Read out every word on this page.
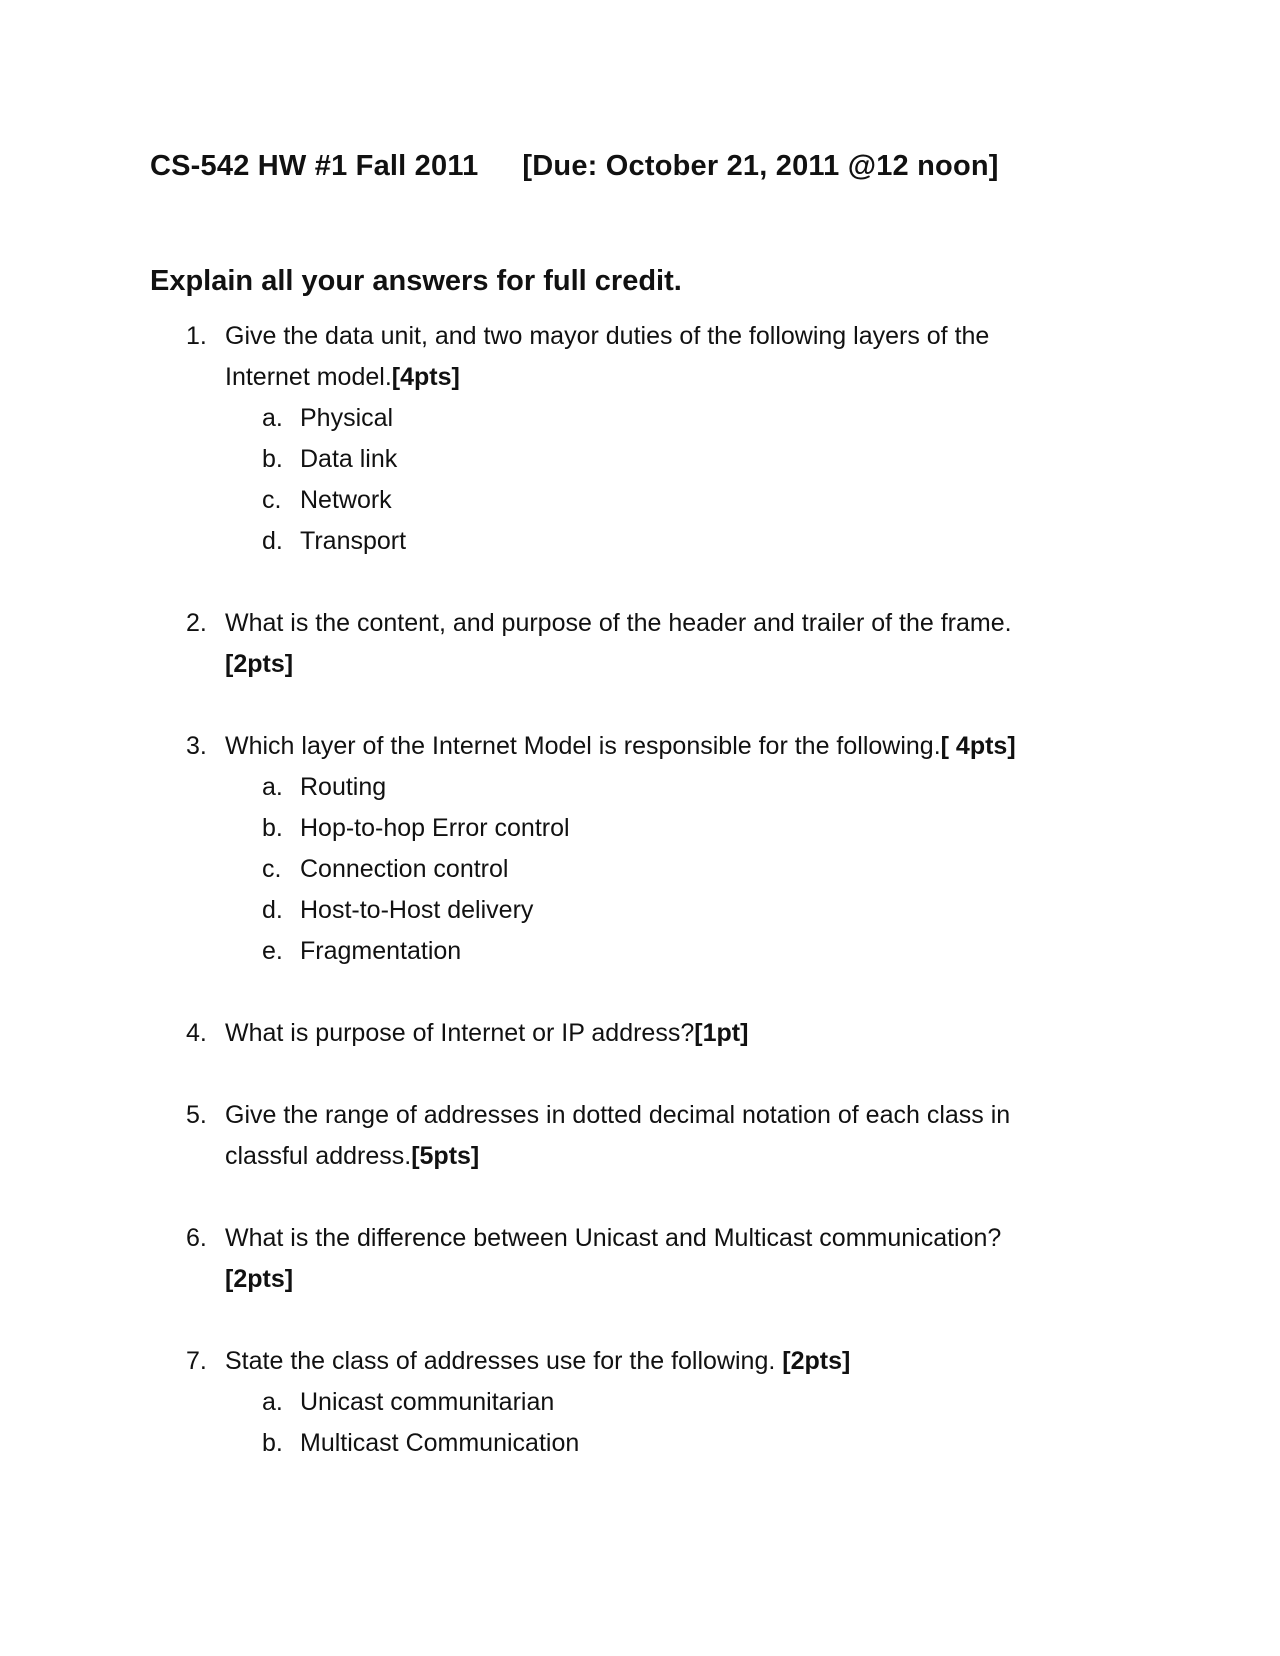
CS-542 HW #1 Fall 2011 [Due: October 21, 2011 @12 noon]
Explain all your answers for full credit.
1. Give the data unit, and two mayor duties of the following layers of the Internet model.[4pts]
a. Physical
b. Data link
c. Network
d. Transport
2. What is the content, and purpose of the header and trailer of the frame.[2pts]
3. Which layer of the Internet Model is responsible for the following.[ 4pts]
a. Routing
b. Hop-to-hop Error control
c. Connection control
d. Host-to-Host delivery
e. Fragmentation
4. What is purpose of Internet or IP address?[1pt]
5. Give the range of addresses in dotted decimal notation of each class in classful address.[5pts]
6. What is the difference between Unicast and Multicast communication?
[2pts]
7. State the class of addresses use for the following. [2pts]
a. Unicast communitarian
b. Multicast Communication
